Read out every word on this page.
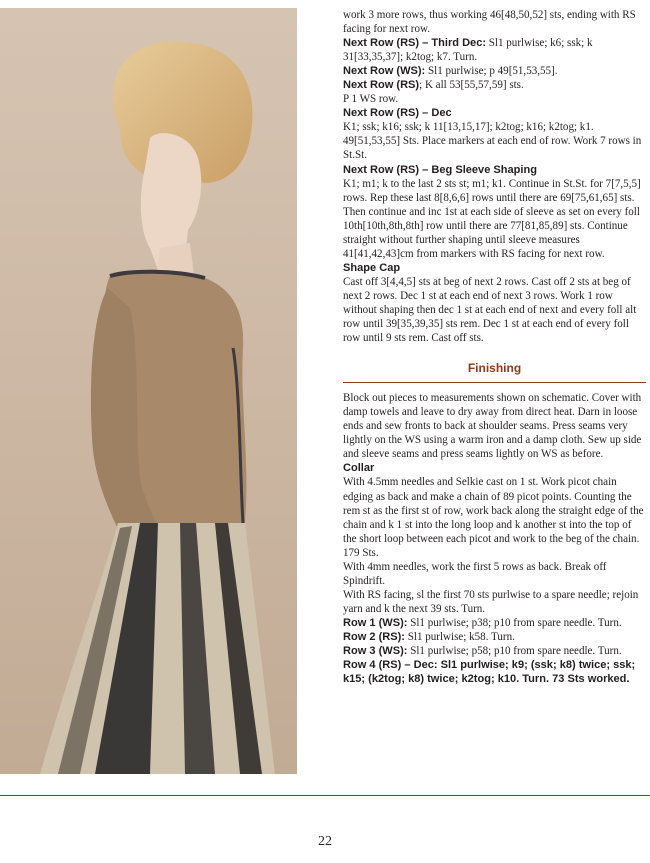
work 3 more rows, thus working 46[48,50,52] sts, ending with RS facing for next row.

Next Row (RS) – Third Dec: Sl1 purlwise; k6; ssk; k 31[33,35,37]; k2tog; k7. Turn.

Next Row (WS): Sl1 purlwise; p 49[51,53,55].

Next Row (RS); K all 53[55,57,59] sts.

P 1 WS row.

Next Row (RS) – Dec

K1; ssk; k16; ssk; k 11[13,15,17]; k2tog; k16; k2tog; k1. 49[51,53,55] Sts. Place markers at each end of row. Work 7 rows in St.St.

Next Row (RS) – Beg Sleeve Shaping

K1; m1; k to the last 2 sts st; m1; k1. Continue in St.St. for 7[7,5,5] rows. Rep these last 8[8,6,6] rows until there are 69[75,61,65] sts. Then continue and inc 1st at each side of sleeve as set on every foll 10th[10th,8th,8th] row until there are 77[81,85,89] sts. Continue straight without further shaping until sleeve measures 41[41,42,43]cm from markers with RS facing for next row.

Shape Cap

Cast off 3[4,4,5] sts at beg of next 2 rows. Cast off 2 sts at beg of next 2 rows. Dec 1 st at each end of next 3 rows. Work 1 row without shaping then dec 1 st at each end of next and every foll alt row until 39[35,39,35] sts rem. Dec 1 st at each end of every foll row until 9 sts rem. Cast off sts.

Finishing

Block out pieces to measurements shown on schematic. Cover with damp towels and leave to dry away from direct heat. Darn in loose ends and sew fronts to back at shoulder seams. Press seams very lightly on the WS using a warm iron and a damp cloth. Sew up side and sleeve seams and press seams lightly on WS as before.

Collar

With 4.5mm needles and Selkie cast on 1 st. Work picot chain edging as back and make a chain of 89 picot points. Counting the rem st as the first st of row, work back along the straight edge of the chain and k 1 st into the long loop and k another st into the top of the short loop between each picot and work to the beg of the chain. 179 Sts.

With 4mm needles, work the first 5 rows as back. Break off Spindrift.

With RS facing, sl the first 70 sts purlwise to a spare needle; rejoin yarn and k the next 39 sts. Turn.

Row 1 (WS): Sl1 purlwise; p38; p10 from spare needle. Turn.

Row 2 (RS): Sl1 purlwise; k58. Turn.

Row 3 (WS): Sl1 purlwise; p58; p10 from spare needle. Turn.

Row 4 (RS) – Dec: Sl1 purlwise; k9; (ssk; k8) twice; ssk; k15; (k2tog; k8) twice; k2tog; k10. Turn. 73 Sts worked.

22
